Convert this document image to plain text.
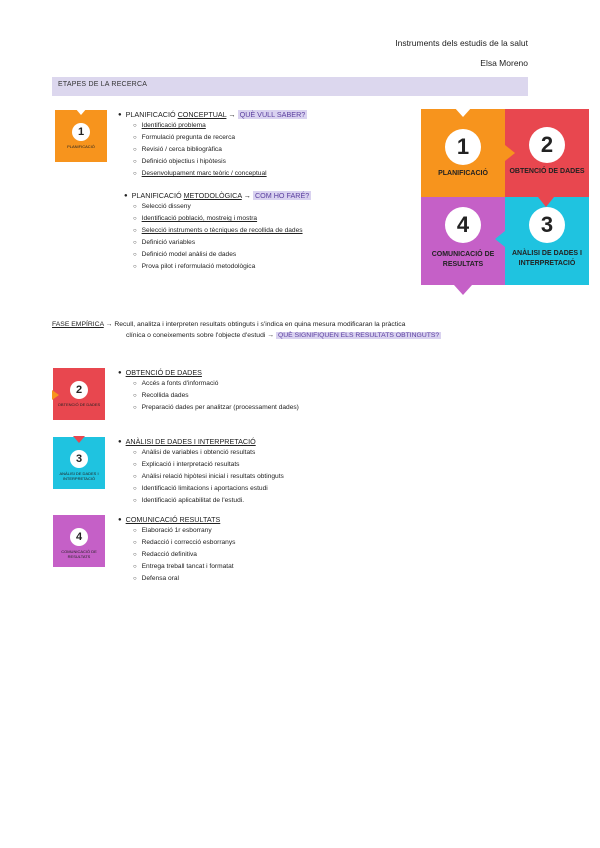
Instruments dels estudis de la salut
Elsa Moreno
ETAPES DE LA RECERCA
1
PLANIFICACIÓ
● PLANIFICACIÓ CONCEPTUAL → QUÈ VULL SABER?
○ Identificació problema
○ Formulació pregunta de recerca
○ Revisió / cerca bibliogràfica
○ Definició objectius i hipòtesis
○ Desenvolupament marc teòric / conceptual
● PLANIFICACIÓ METODOLÒGICA → COM HO FARÉ?
○ Selecció disseny
○ Identificació població, mostreig i mostra
○ Selecció instruments o tècniques de recollida de dades
○ Definició variables
○ Definició model anàlisi de dades
○ Prova pilot i reformulació metodològica
1
PLANIFICACIÓ
2
OBTENCIÓ DE DADES
4
COMUNICACIÓ DE RESULTATS
3
ANÀLISI DE DADES I INTERPRETACIÓ
FASE EMPÍRICA → Recull, analitza i interpreten resultats obtinguts i s'indica en quina mesura modificaran la pràctica
clínica o coneixements sobre l'objecte d'estudi → QUÈ SIGNIFIQUEN ELS RESULTATS OBTINGUTS?
2
OBTENCIÓ DE DADES
● OBTENCIÓ DE DADES
○ Accés a fonts d'informació
○ Recollida dades
○ Preparació dades per analitzar (processament dades)
3
ANÀLISI DE DADES I INTERPRETACIÓ
● ANÀLISI DE DADES I INTERPRETACIÓ
○ Anàlisi de variables i obtenció resultats
○ Explicació i interpretació resultats
○ Anàlisi relació hipòtesi inicial i resultats obtinguts
○ Identificació limitacions i aportacions estudi
○ Identificació aplicabilitat de l'estudi.
4
COMUNICACIÓ DE RESULTATS
● COMUNICACIÓ RESULTATS
○ Elaboració 1r esborrany
○ Redacció i correcció esborranys
○ Redacció definitiva
○ Entrega treball tancat i formatat
○ Defensa oral
